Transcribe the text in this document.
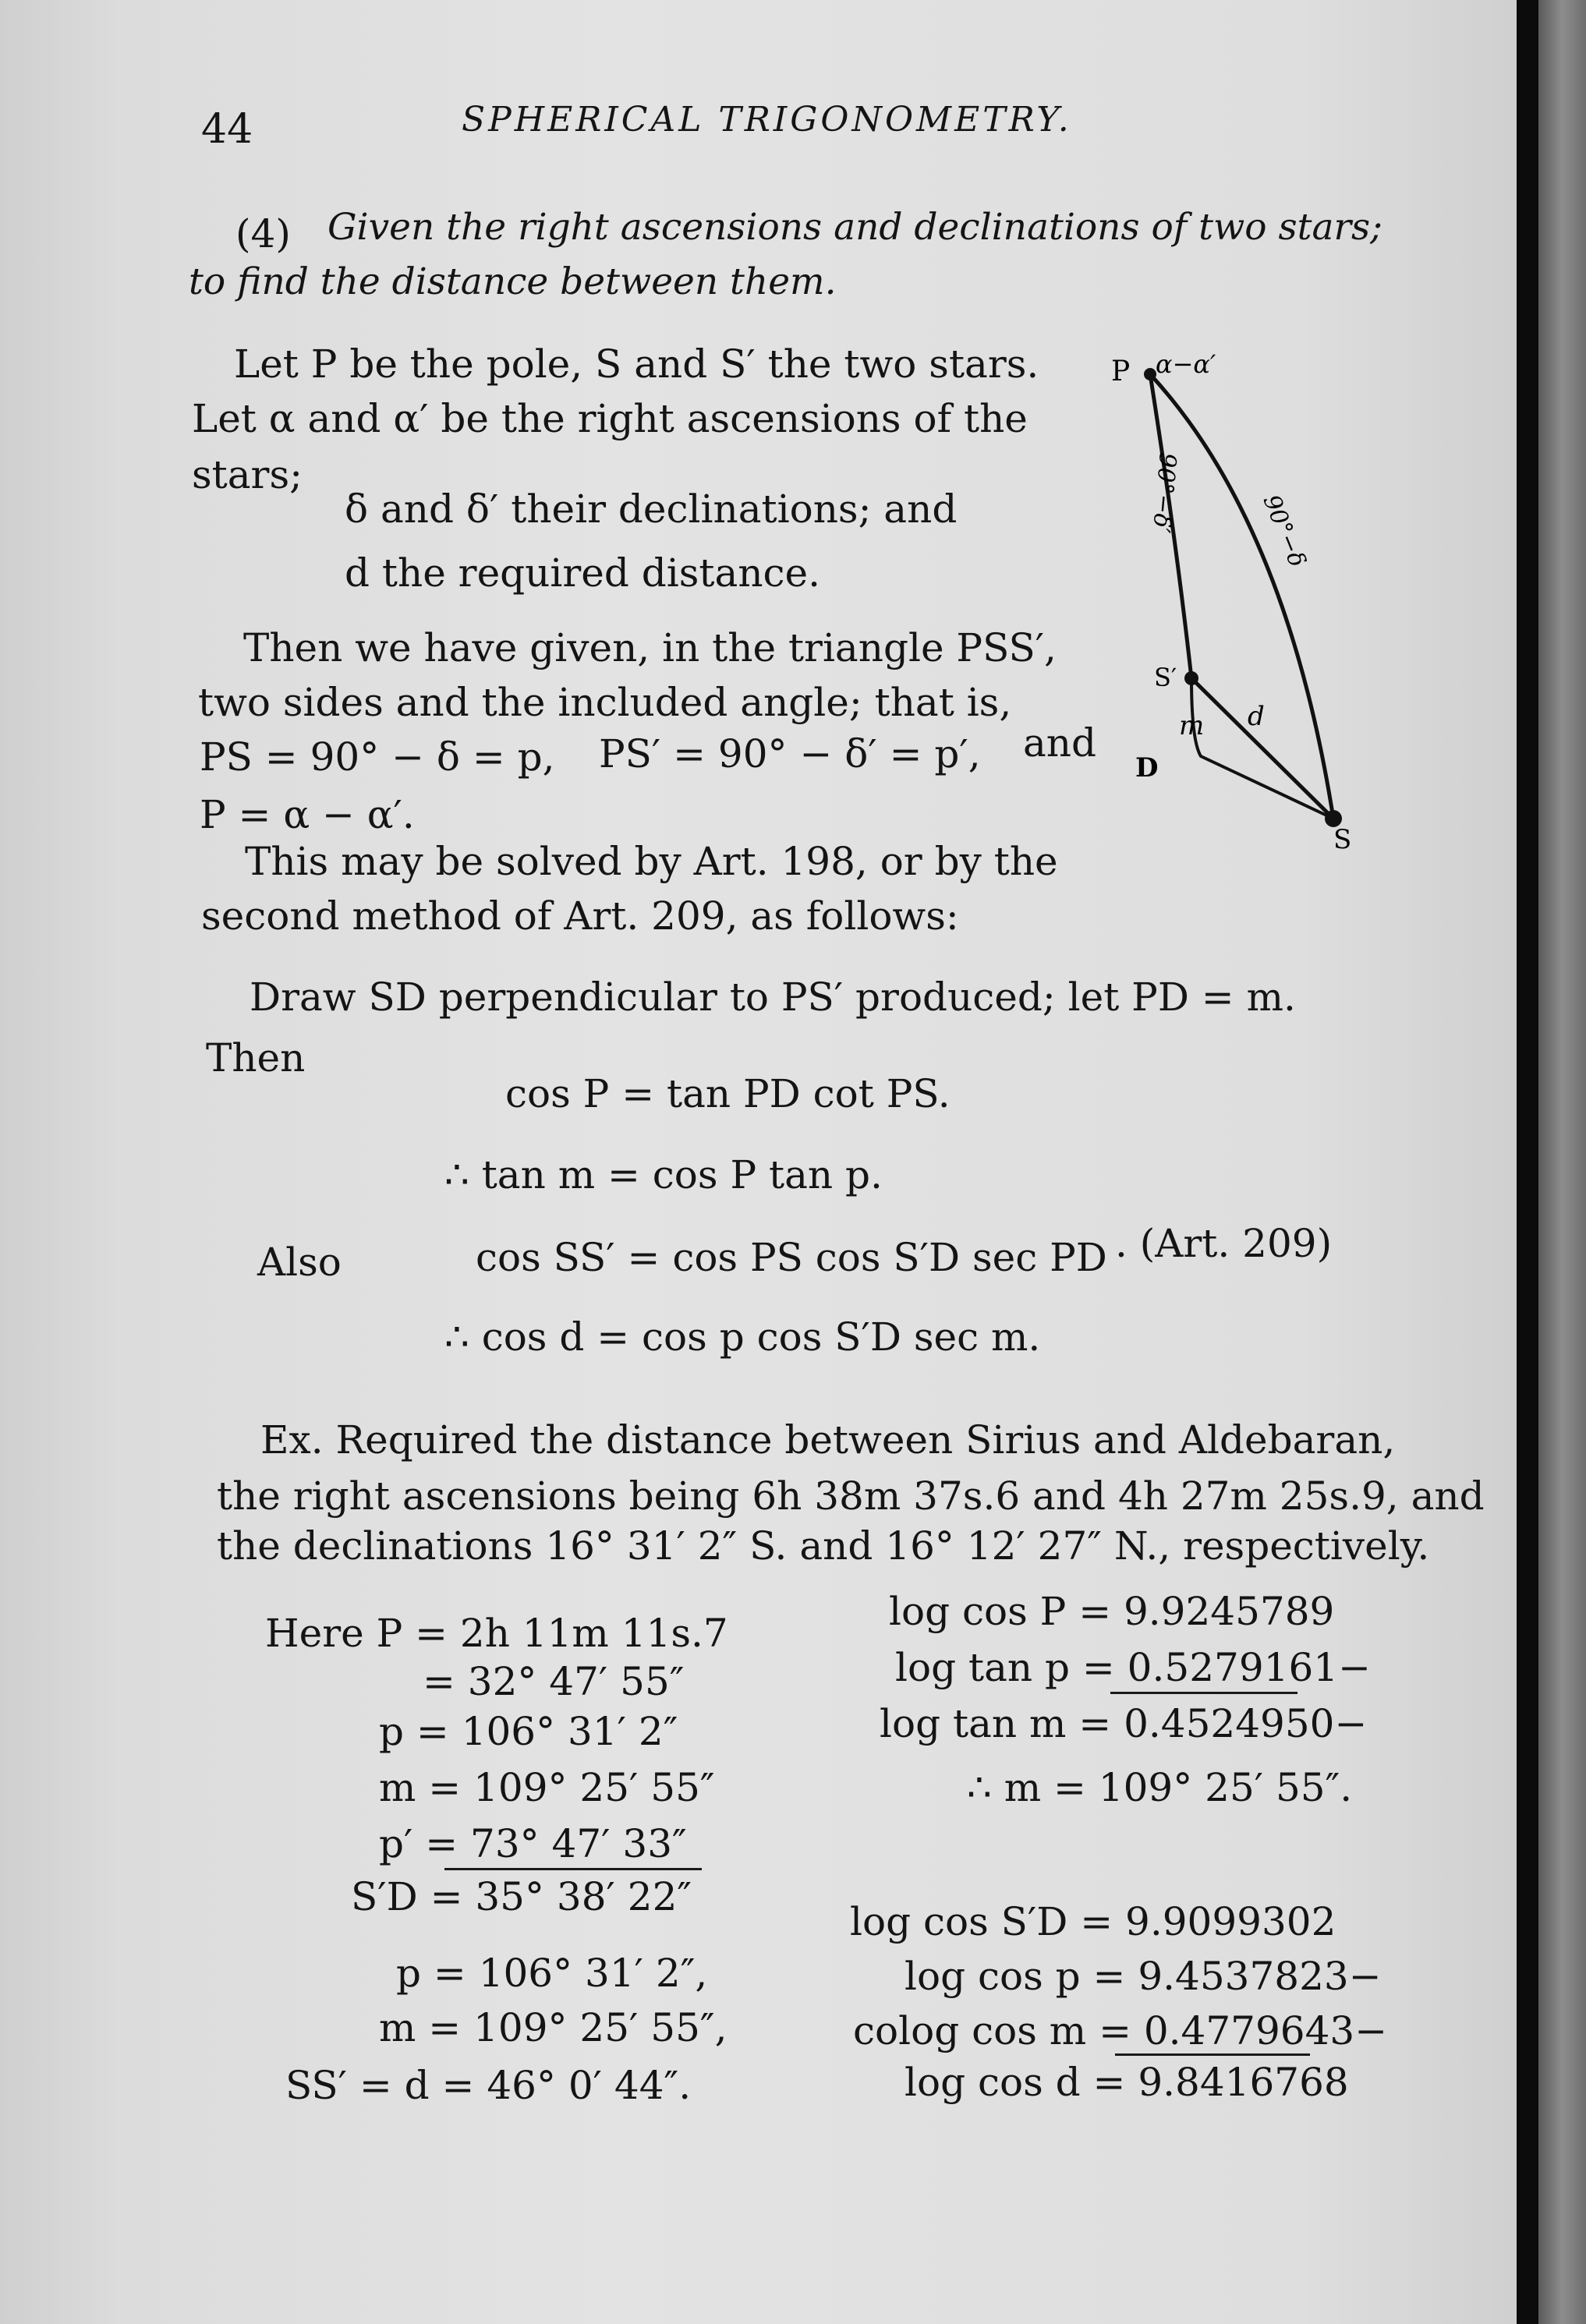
44	SPHERICAL TRIGONOMETRY.
(4) Given the right ascensions and declinations of two stars;
to find the distance between them.
Let P be the pole, S and S′ the two stars.
Let α and α′ be the right ascensions of the
stars;
δ and δ′ their declinations; and
d the required distance.
Then we have given, in the triangle PSS′,
two sides and the included angle; that is,
PS = 90° − δ = p, PS′ = 90° − δ′ = p′, and
P = α − α′.
This may be solved by Art. 198, or by the
second method of Art. 209, as follows:
P α−α′
90°−δ′	90°−δ
S′
m d
D
S
Draw SD perpendicular to PS′ produced; let PD = m.
Then
cos P = tan PD cot PS.
∴ tan m = cos P tan p.
Also	cos SS′ = cos PS cos S′D sec PD . (Art. 209)
∴ cos d = cos p cos S′D sec m.
Ex. Required the distance between Sirius and Aldebaran,
the right ascensions being 6h 38m 37s.6 and 4h 27m 25s.9, and
the declinations 16° 31′ 2″ S. and 16° 12′ 27″ N., respectively.
Here P = 2h 11m 11s.7
= 32° 47′ 55″
p = 106° 31′ 2″
m = 109° 25′ 55″
p′ = 73° 47′ 33″
S′D = 35° 38′ 22″
p = 106° 31′ 2″,
m = 109° 25′ 55″,
SS′ = d = 46° 0′ 44″.
log cos P = 9.9245789
log tan p = 0.5279161−
log tan m = 0.4524950−
∴ m = 109° 25′ 55″.
log cos S′D = 9.9099302
log cos p = 9.4537823−
colog cos m = 0.4779643−
log cos d = 9.8416768
